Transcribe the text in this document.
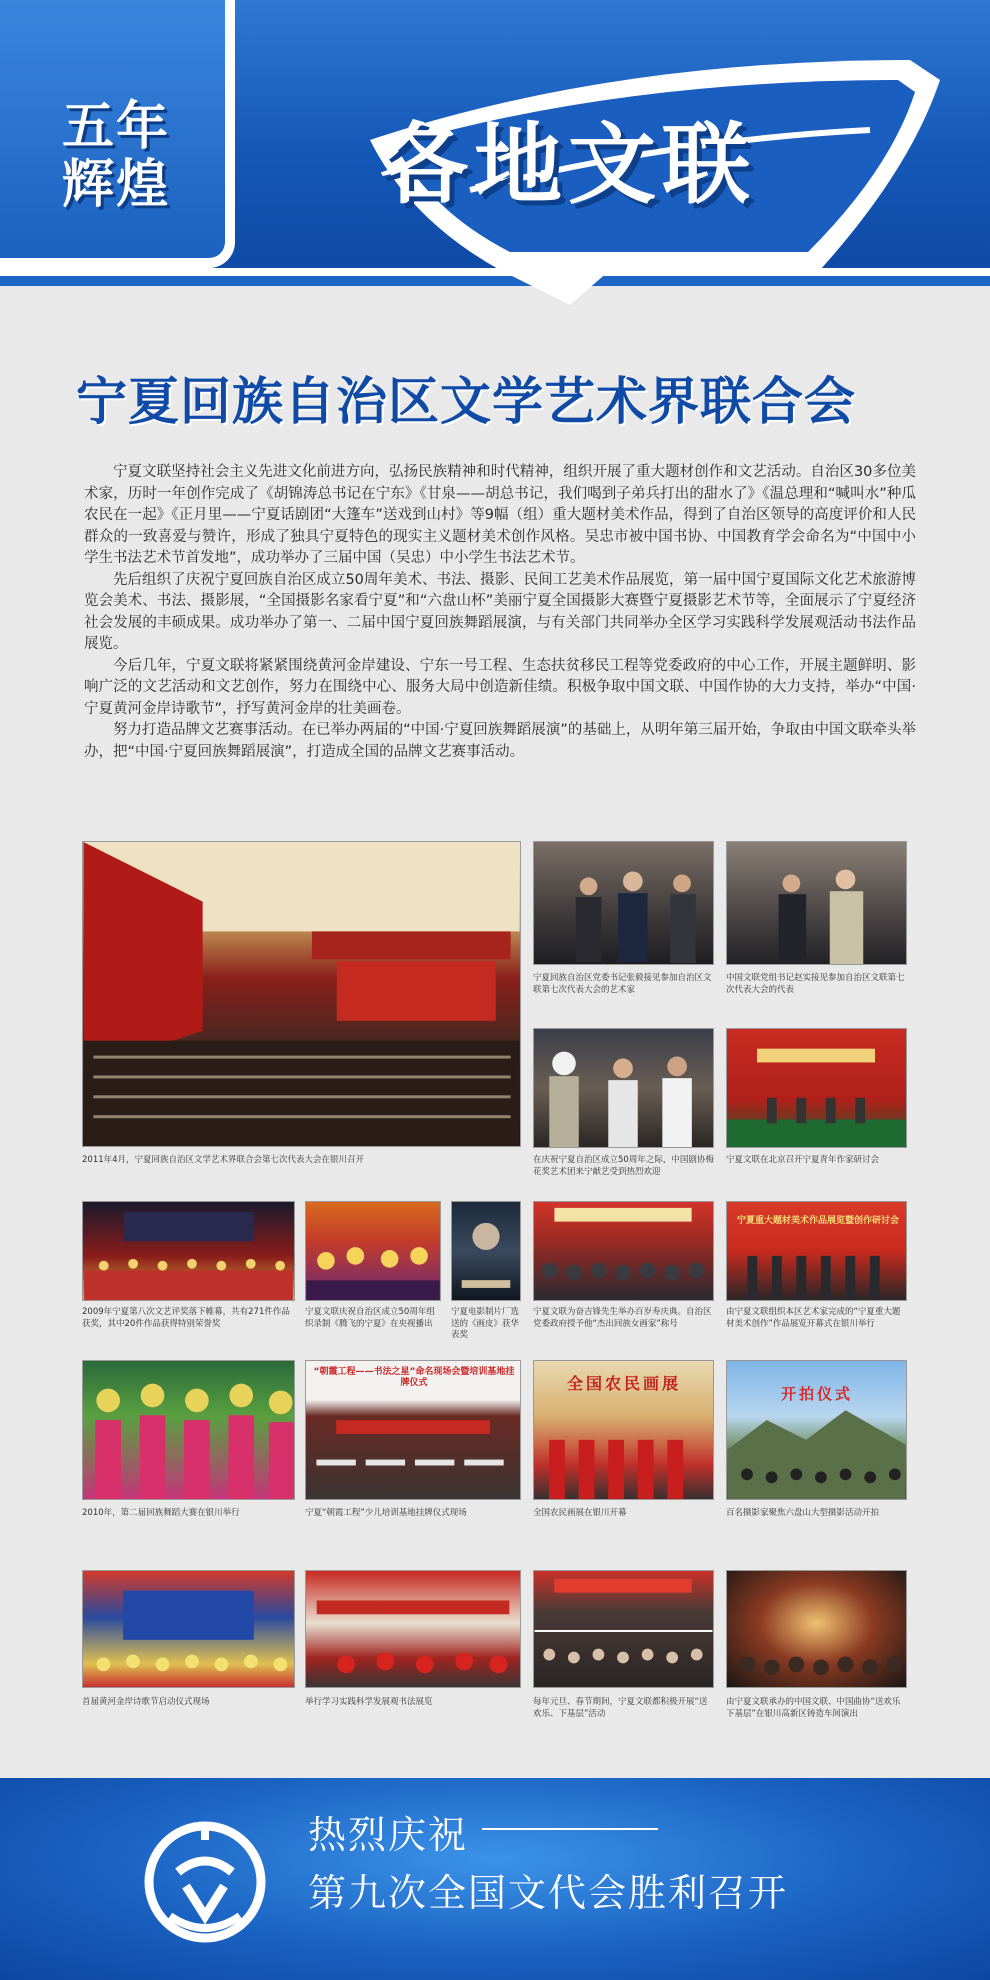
五年辉煌	各地文联
宁夏回族自治区文学艺术界联合会

宁夏文联坚持社会主义先进文化前进方向，弘扬民族精神和时代精神，组织开展了重大题材创作和文艺活动。自治区30多位美术家，历时一年创作完成了《胡锦涛总书记在宁东》《甘泉——胡总书记，我们喝到子弟兵打出的甜水了》《温总理和“喊叫水”种瓜农民在一起》《正月里——宁夏话剧团“大篷车”送戏到山村》等9幅（组）重大题材美术作品，得到了自治区领导的高度评价和人民群众的一致喜爱与赞许，形成了独具宁夏特色的现实主义题材美术创作风格。吴忠市被中国书协、中国教育学会命名为“中国中小学生书法艺术节首发地”，成功举办了三届中国（吴忠）中小学生书法艺术节。

先后组织了庆祝宁夏回族自治区成立50周年美术、书法、摄影、民间工艺美术作品展览，第一届中国宁夏国际文化艺术旅游博览会美术、书法、摄影展，“全国摄影名家看宁夏”和“六盘山杯”美丽宁夏全国摄影大赛暨宁夏摄影艺术节等，全面展示了宁夏经济社会发展的丰硕成果。成功举办了第一、二届中国宁夏回族舞蹈展演，与有关部门共同举办全区学习实践科学发展观活动书法作品展览。

今后几年，宁夏文联将紧紧围绕黄河金岸建设、宁东一号工程、生态扶贫移民工程等党委政府的中心工作，开展主题鲜明、影响广泛的文艺活动和文艺创作，努力在围绕中心、服务大局中创造新佳绩。积极争取中国文联、中国作协的大力支持，举办“中国·宁夏黄河金岸诗歌节”，抒写黄河金岸的壮美画卷。

努力打造品牌文艺赛事活动。在已举办两届的“中国·宁夏回族舞蹈展演”的基础上，从明年第三届开始，争取由中国文联牵头举办，把“中国·宁夏回族舞蹈展演”，打造成全国的品牌文艺赛事活动。

2011年4月，宁夏回族自治区文学艺术界联合会第七次代表大会在银川召开
宁夏回族自治区党委书记张毅接见参加自治区文联第七次代表大会的艺术家
中国文联党组书记赵实接见参加自治区文联第七次代表大会的代表
在庆祝宁夏自治区成立50周年之际，中国剧协梅花奖艺术团来宁献艺受到热烈欢迎
宁夏文联在北京召开宁夏青年作家研讨会
2009年宁夏第八次文艺评奖落下帷幕，共有271件作品获奖，其中20件作品获得特别荣誉奖
宁夏文联庆祝自治区成立50周年组织录制《腾飞的宁夏》在央视播出
宁夏电影制片厂选送的《画皮》获华表奖
宁夏文联为奋吉锋先生举办百岁寿庆典。自治区党委政府授予他“杰出回族女画家”称号
宁夏重大题材美术作品展览暨创作研讨会
由宁夏文联组织本区艺术家完成的“宁夏重大题材美术创作”作品展览开幕式在银川举行
2010年，第二届回族舞蹈大赛在银川举行
“朝霞工程——书法之星”命名现场会暨培训基地挂牌仪式
宁夏“朝霞工程”少儿培训基地挂牌仪式现场
全国农民画展
全国农民画展在银川开幕
开拍仪式
百名摄影家聚焦六盘山大型摄影活动开拍
首届黄河金岸诗歌节启动仪式现场	举行学习实践科学发展观书法展览	每年元旦、春节期间，宁夏文联都积极开展“送欢乐、下基层”活动
由宁夏文联承办的中国文联、中国曲协“送欢乐下基层”在银川高新区铸造车间演出
热烈庆祝
第九次全国文代会胜利召开
